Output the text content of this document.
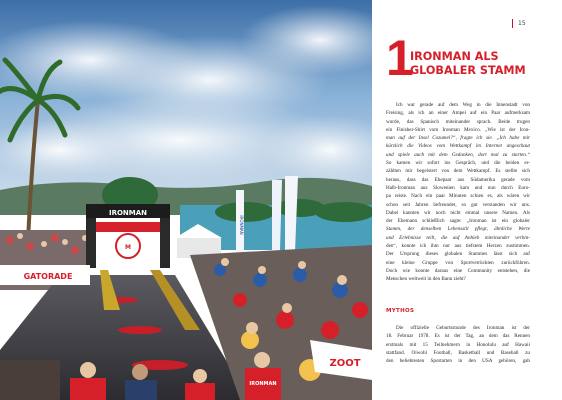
IRONMAN
M
IRONMAN
GATORADE
ZOOT
IRONMAN
15
1
IRONMAN ALS
GLOBALER STAMM
Ich war gerade auf dem Weg in die Innenstadt von
Freising, als ich an einer Ampel auf ein Paar aufmerksam
wurde, das Spanisch miteinander sprach. Beide trugen
ein Finisher-Shirt vom Ironman Mexico. „Wie ist der Iron-
man auf der Insel Cozumel?“, fragte ich sie. „Ich habe mir
kürzlich die Videos vom Wettkampf im Internet angeschaut
und spiele auch mit dem Gedanken, dort mal zu starten.“
So kamen wir sofort ins Gespräch, und die beiden er-
zählten mir begeistert von dem Wettkampf. Es stellte sich
heraus, dass das Ehepaar aus Südamerika gerade vom
Halb-Ironman aus Slowenien kam und nun durch Euro-
pa reiste. Nach ein paar Minuten schien es, als wären wir
schon seit Jahren befreundet, so gut verstanden wir uns.
Dabei kannten wir noch nicht einmal unsere Namen. Als
der Ehemann schließlich sagte: „Ironman ist ein globaler
Stamm, der denselben Lebensstil pflegt, ähnliche Werte
und Erlebnisse teilt, die auf Anhieb miteinander verbin-
den“, konnte ich ihm nur aus tiefstem Herzen zustimmen.
Der Ursprung dieses globalen Stammes lässt sich auf
eine kleine Gruppe von Sportverrückten zurückführen.
Doch wie konnte daraus eine Community entstehen, die
Menschen weltweit in den Bann zieht?
MYTHOS
Die offizielle Geburtsstunde des Ironman ist der
18. Februar 1978. Es ist der Tag, an dem das Rennen
erstmals mit 15 Teilnehmern in Honolulu auf Hawaii
stattfand. Oíwohl Football, Basketball und Baseball zu
den beliebtesten Sportarten in den USA gehören, gab
